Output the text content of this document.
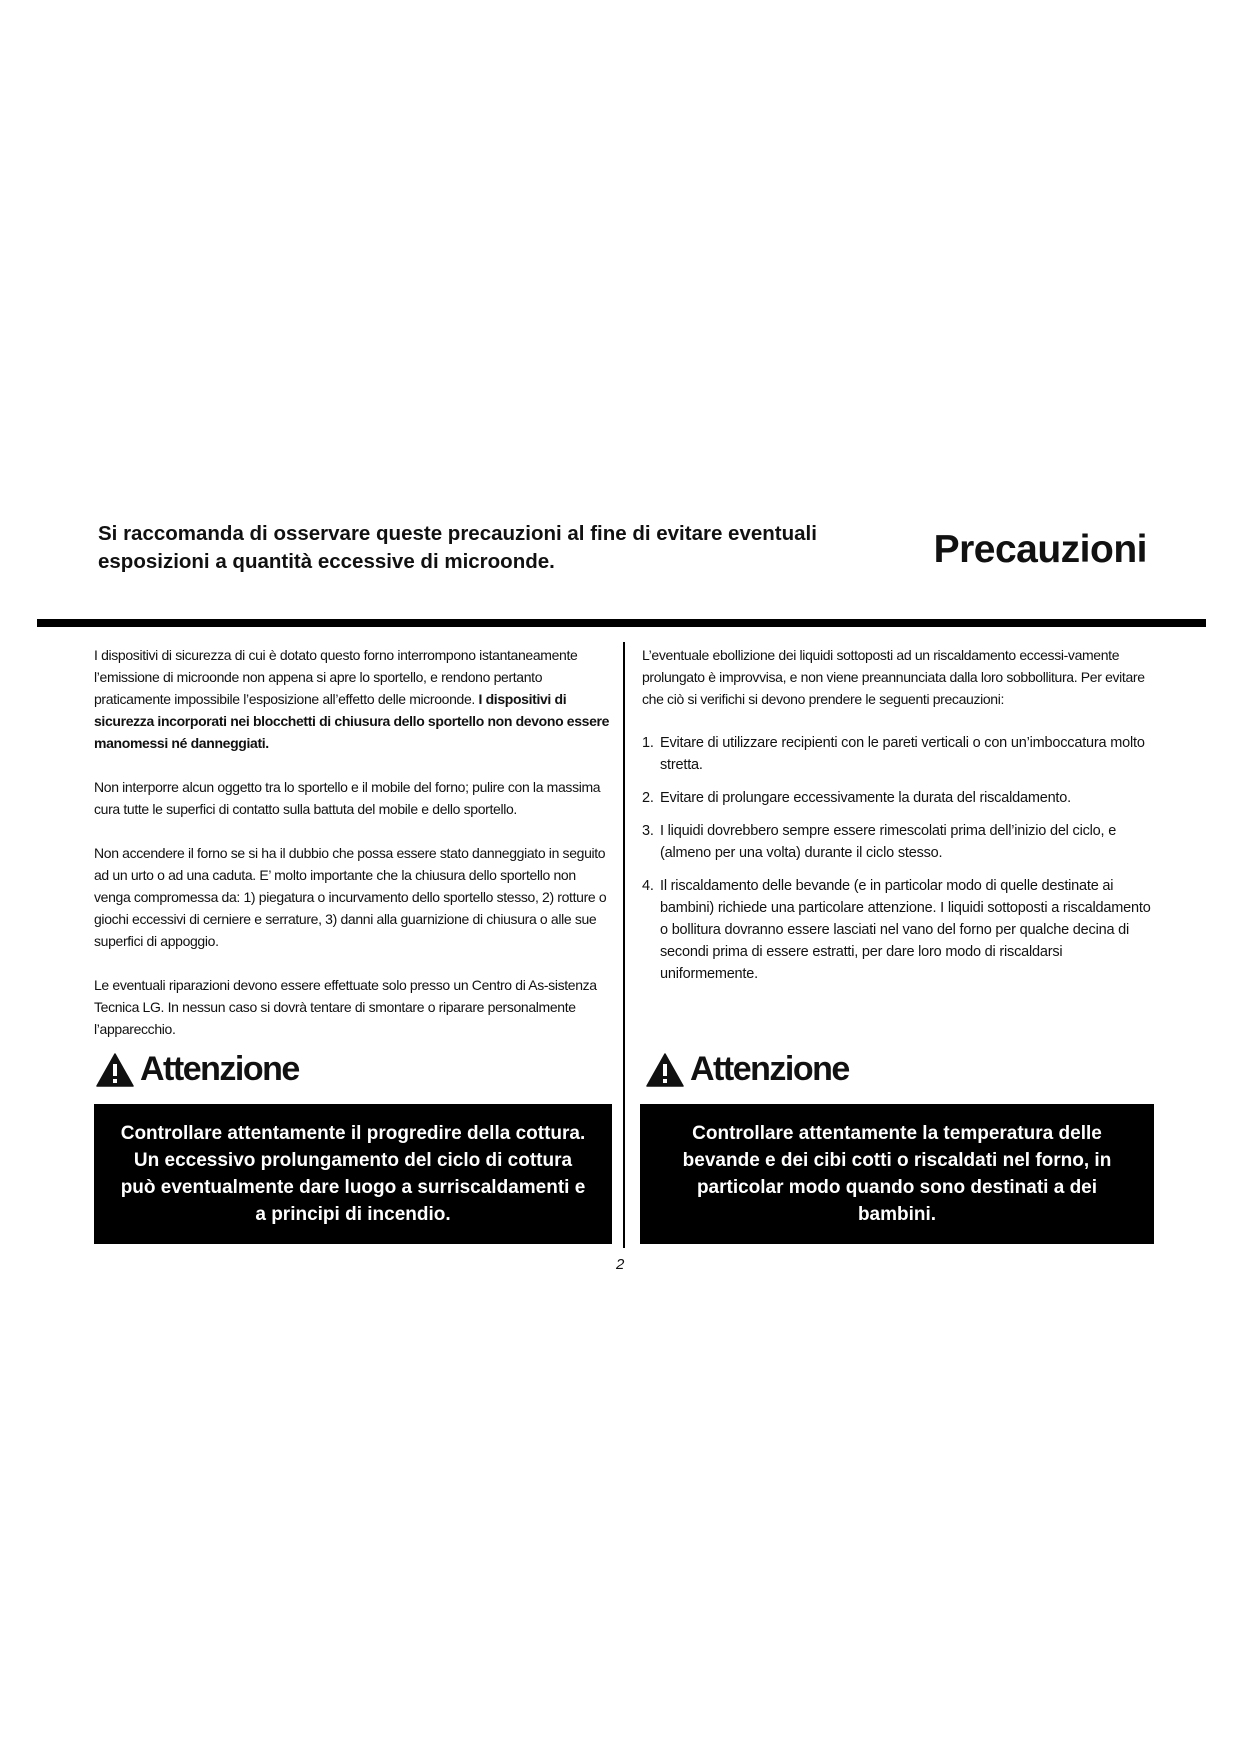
Si raccomanda di osservare queste precauzioni al fine di evitare eventuali esposizioni a quantità eccessive di microonde.	Precauzioni

I dispositivi di sicurezza di cui è dotato questo forno interrompono istantaneamente l’emissione di microonde non appena si apre lo sportello, e rendono pertanto praticamente impossibile l’esposizione all’effetto delle microonde. I dispositivi di sicurezza incorporati nei blocchetti di chiusura dello sportello non devono essere manomessi né danneggiati.

Non interporre alcun oggetto tra lo sportello e il mobile del forno; pulire con la massima cura tutte le superfici di contatto sulla battuta del mobile e dello sportello.

Non accendere il forno se si ha il dubbio che possa essere stato danneggiato in seguito ad un urto o ad una caduta. E’ molto importante che la chiusura dello sportello non venga compromessa da: 1) piegatura o incurvamento dello sportello stesso, 2) rotture o giochi eccessivi di cerniere e serrature, 3) danni alla guarnizione di chiusura o alle sue superfici di appoggio.

Le eventuali riparazioni devono essere effettuate solo presso un Centro di As-sistenza Tecnica LG. In nessun caso si dovrà tentare di smontare o riparare personalmente l’apparecchio.

L’eventuale ebollizione dei liquidi sottoposti ad un riscaldamento eccessi-vamente prolungato è improvvisa, e non viene preannunciata dalla loro sobbollitura. Per evitare che ciò si verifichi si devono prendere le seguenti precauzioni:

1. Evitare di utilizzare recipienti con le pareti verticali o con un’imboccatura molto stretta.
2. Evitare di prolungare eccessivamente la durata del riscaldamento.
3. I liquidi dovrebbero sempre essere rimescolati prima dell’inizio del ciclo, e (almeno per una volta) durante il ciclo stesso.
4. Il riscaldamento delle bevande (e in particolar modo di quelle destinate ai bambini) richiede una particolare attenzione. I liquidi sottoposti a riscaldamento o bollitura dovranno essere lasciati nel vano del forno per qualche decina di secondi prima di essere estratti, per dare loro modo di riscaldarsi uniformemente.
Attenzione
Controllare attentamente il progredire della cottura. Un eccessivo prolungamento del ciclo di cottura può eventualmente dare luogo a surriscaldamenti e a principi di incendio.
Attenzione
Controllare attentamente la temperatura delle bevande e dei cibi cotti o riscaldati nel forno, in particolar modo quando sono destinati a dei bambini.
2
